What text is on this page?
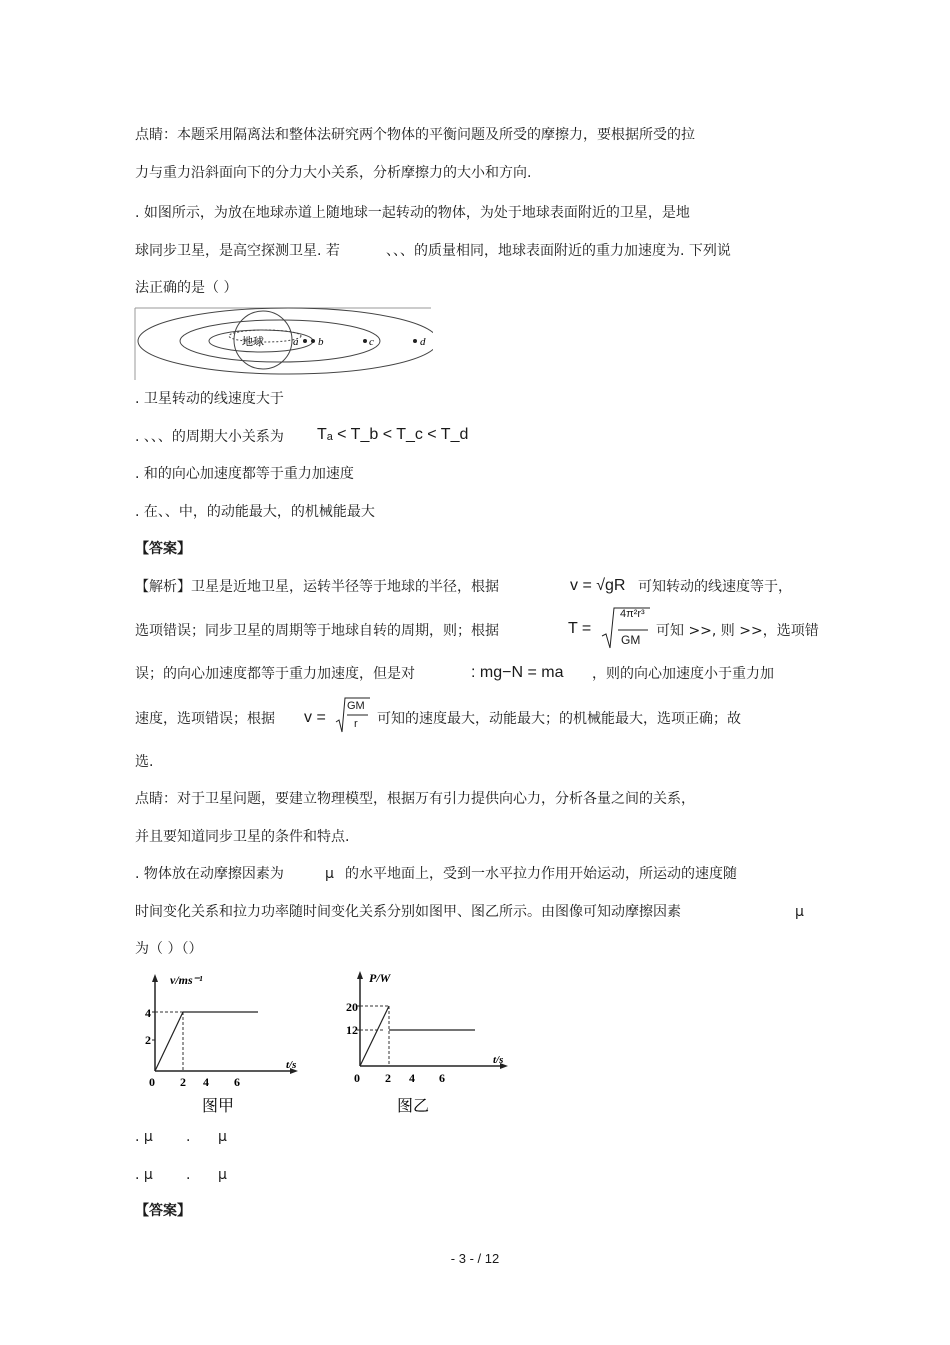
点睛：本题采用隔离法和整体法研究两个物体的平衡问题及所受的摩擦力，要根据所受的拉
力与重力沿斜面向下的分力大小关系，分析摩擦力的大小和方向.
. 如图所示，为放在地球赤道上随地球一起转动的物体，为处于地球表面附近的卫星，是地
球同步卫星，是高空探测卫星. 若	、、、的质量相同，地球表面附近的重力加速度为. 下列说
法正确的是（ ）
地球	a b	c	d
. 卫星转动的线速度大于
. 、、、的周期大小关系为 Tₐ < T_b < T_c < T_d
. 和的向心加速度都等于重力加速度
. 在、、中，的动能最大，的机械能最大
【答案】
【解析】卫星是近地卫星，运转半径等于地球的半径，根据	v = √gR 可知转动的线速度等于，
选项错误；同步卫星的周期等于地球自转的周期，则；根据	T =
4π²r³
GM
可知 >>, 则 >>，选项错
误；的向心加速度都等于重力加速度，但是对	: mg−N = ma ，则的向心加速度小于重力加
速度，选项错误；根据 v =
GM
r 可知的速度最大，动能最大；的机械能最大，选项正确；故
选.
点睛：对于卫星问题，要建立物理模型，根据万有引力提供向心力，分析各量之间的关系，
并且要知道同步卫星的条件和特点.
. 物体放在动摩擦因素为	μ 的水平地面上，受到一水平拉力作用开始运动，所运动的速度随
时间变化关系和拉力功率随时间变化关系分别如图甲、图乙所示。由图像可知动摩擦因素	μ
为（ ）（）
v/ms⁻¹
t/s
4
2
0 2 4 6
图甲
P/W
t/s
20
12
0 2 4 6
图乙
. μ . μ
. μ . μ
【答案】
- 3 - / 12
